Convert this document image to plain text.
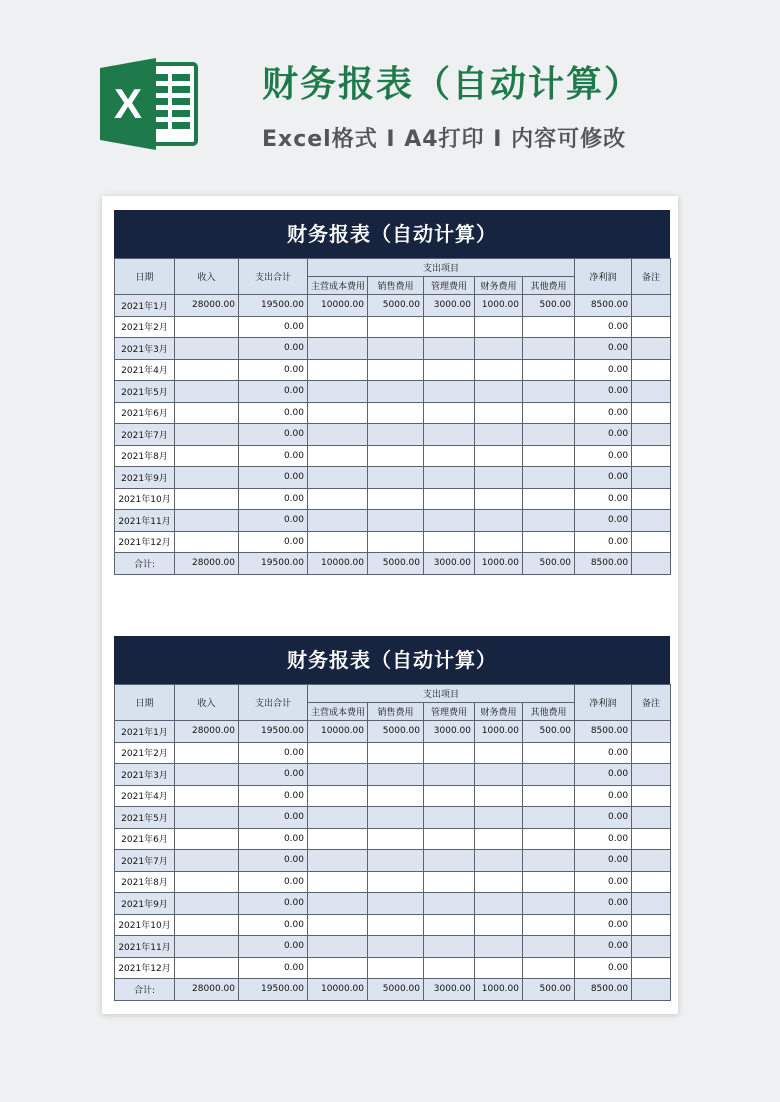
X	财务报表（自动计算）
Excel格式 Ⅰ A4打印 Ⅰ 内容可修改
财务报表（自动计算）
日期	收入	支出合计	支出项目					净利润	备注
			主营成本费用	销售费用	管理费用	财务费用	其他费用		
2021年1月	28000.00	19500.00	10000.00	5000.00	3000.00	1000.00	500.00	8500.00	
2021年2月		0.00						0.00	
2021年3月		0.00						0.00	
2021年4月		0.00						0.00	
2021年5月		0.00						0.00	
2021年6月		0.00						0.00	
2021年7月		0.00						0.00	
2021年8月		0.00						0.00	
2021年9月		0.00						0.00	
2021年10月		0.00						0.00	
2021年11月		0.00						0.00	
2021年12月		0.00						0.00	
合计:	28000.00	19500.00	10000.00	5000.00	3000.00	1000.00	500.00	8500.00	
财务报表（自动计算）
日期	收入	支出合计	支出项目					净利润	备注
			主营成本费用	销售费用	管理费用	财务费用	其他费用		
2021年1月	28000.00	19500.00	10000.00	5000.00	3000.00	1000.00	500.00	8500.00	
2021年2月		0.00						0.00	
2021年3月		0.00						0.00	
2021年4月		0.00						0.00	
2021年5月		0.00						0.00	
2021年6月		0.00						0.00	
2021年7月		0.00						0.00	
2021年8月		0.00						0.00	
2021年9月		0.00						0.00	
2021年10月		0.00						0.00	
2021年11月		0.00						0.00	
2021年12月		0.00						0.00	
合计:	28000.00	19500.00	10000.00	5000.00	3000.00	1000.00	500.00	8500.00	
